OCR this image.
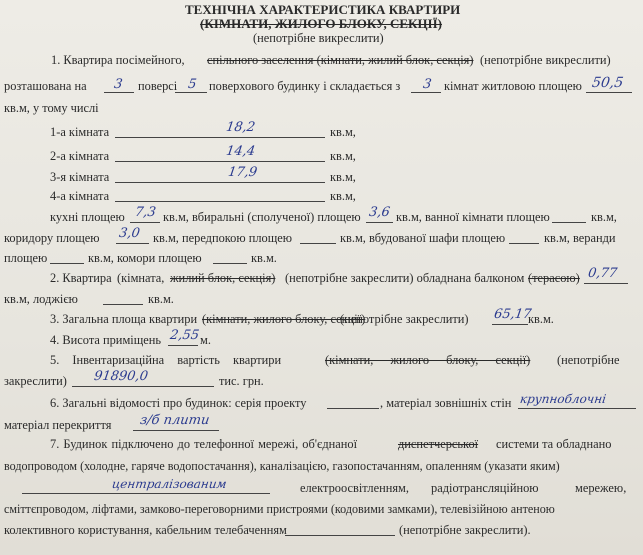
ТЕХНІЧНА ХАРАКТЕРИСТИКА КВАРТИРИ
(КІМНАТИ, ЖИЛОГО БЛОКУ, СЕКЦІЇ)
(непотрібне викреслити)
1. Квартира посімейного, спільного заселення (кімнати, жилий блок, секція) (непотрібне викреслити)
розташована на 3 поверсі 5 поверхового будинку і складається з 3 кімнат житловою площею 50,5
кв.м, у тому числі
1-а кімната	18,2	кв.м,
2-а кімната	14,4	кв.м,
3-я кімната	17,9	кв.м,
4-а кімната	кв.м,
кухні площею 7,3 кв.м, вбиральні (сполученої) площею 3,6 кв.м, ванної кімнати площею	кв.м,
коридору площею 3,0 кв.м, передпокою площею	кв.м, вбудованої шафи площею	кв.м, веранди
площею	кв.м, комори площею	кв.м.
2. Квартира (кімната, жилий блок, секція) (непотрібне закреслити) обладнана балконом (терасою) 0,77
кв.м, лоджією	кв.м.
3. Загальна площа квартири (кімнати, жилого блоку, секції)
(непотрібне закреслити) 65,17
кв.м.
4. Висота приміщень 2,55 м.
5. Інвентаризаційна вартість квартири	(кімнати, жилого блоку, секції) (непотрібне
закреслити) 91890,0	тис. грн.
6. Загальні відомості про будинок: серія проекту	, матеріал зовнішніх стін крупноблочні
матеріал перекриття з/б плити
7. Будинок підключено до телефонної мережі, об'єднаної	диспетчерської системи та обладнано
водопроводом (холодне, гаряче водопостачання), каналізацією, газопостачанням, опаленням (указати яким)
централізованим	електроосвітленням, радіотрансляційною	мережею,
сміттєпроводом, ліфтами, замково-переговорними пристроями (кодовими замками), телевізійною антеною
колективного користування, кабельним телебаченням	(непотрібне закреслити).
